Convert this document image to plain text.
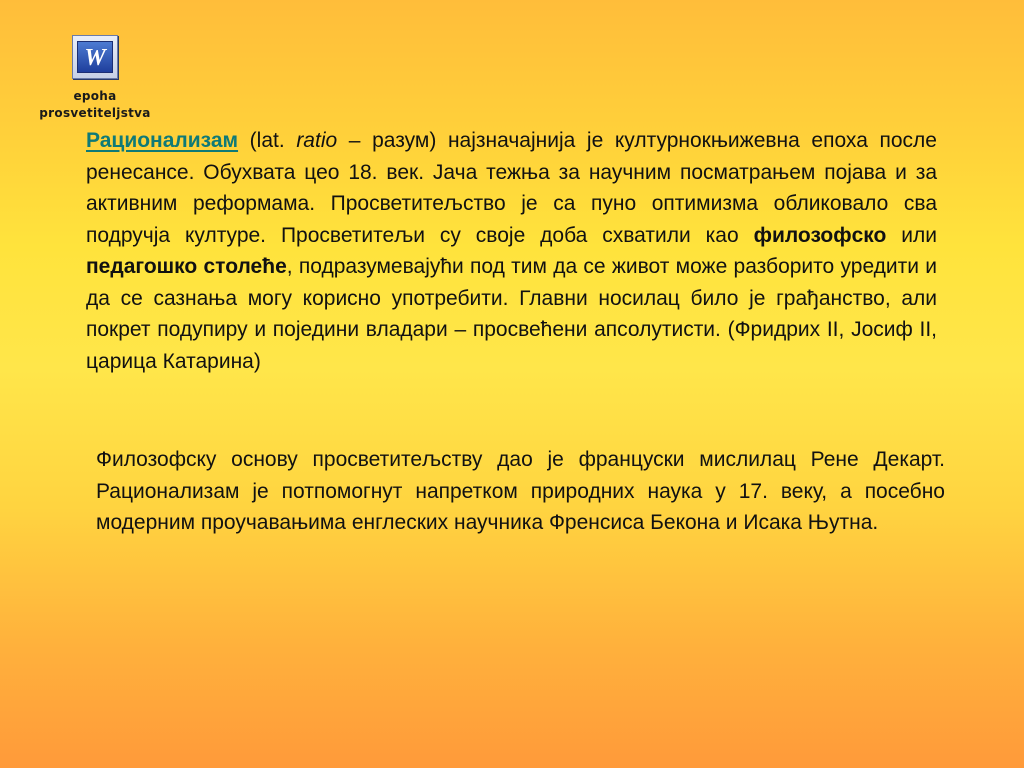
W
epoha
prosvetiteljstva

Рационализам (lat. ratio – разум) најзначајнија је културнокњижевна епоха после ренесансе. Обухвата цео 18. век. Јача тежња за научним посматрањем појава и за активним реформама. Просветитељство је са пуно оптимизма обликовало сва подручја културе. Просветитељи су своје доба схватили као филозофско или педагошко столеће, подразумевајући под тим да се живот може разборито уредити и да се сазнања могу корисно употребити. Главни носилац било је грађанство, али покрет подупиру и поједини владари – просвећени апсолутисти. (Фридрих II, Јосиф II, царица Катарина)

Филозофску основу просветитељству дао је француски мислилац Рене Декарт. Рационализам је потпомогнут напретком природних наука у 17. веку, а посебно модерним проучавањима енглеских научника Френсиса Бекона и Исака Њутна.
